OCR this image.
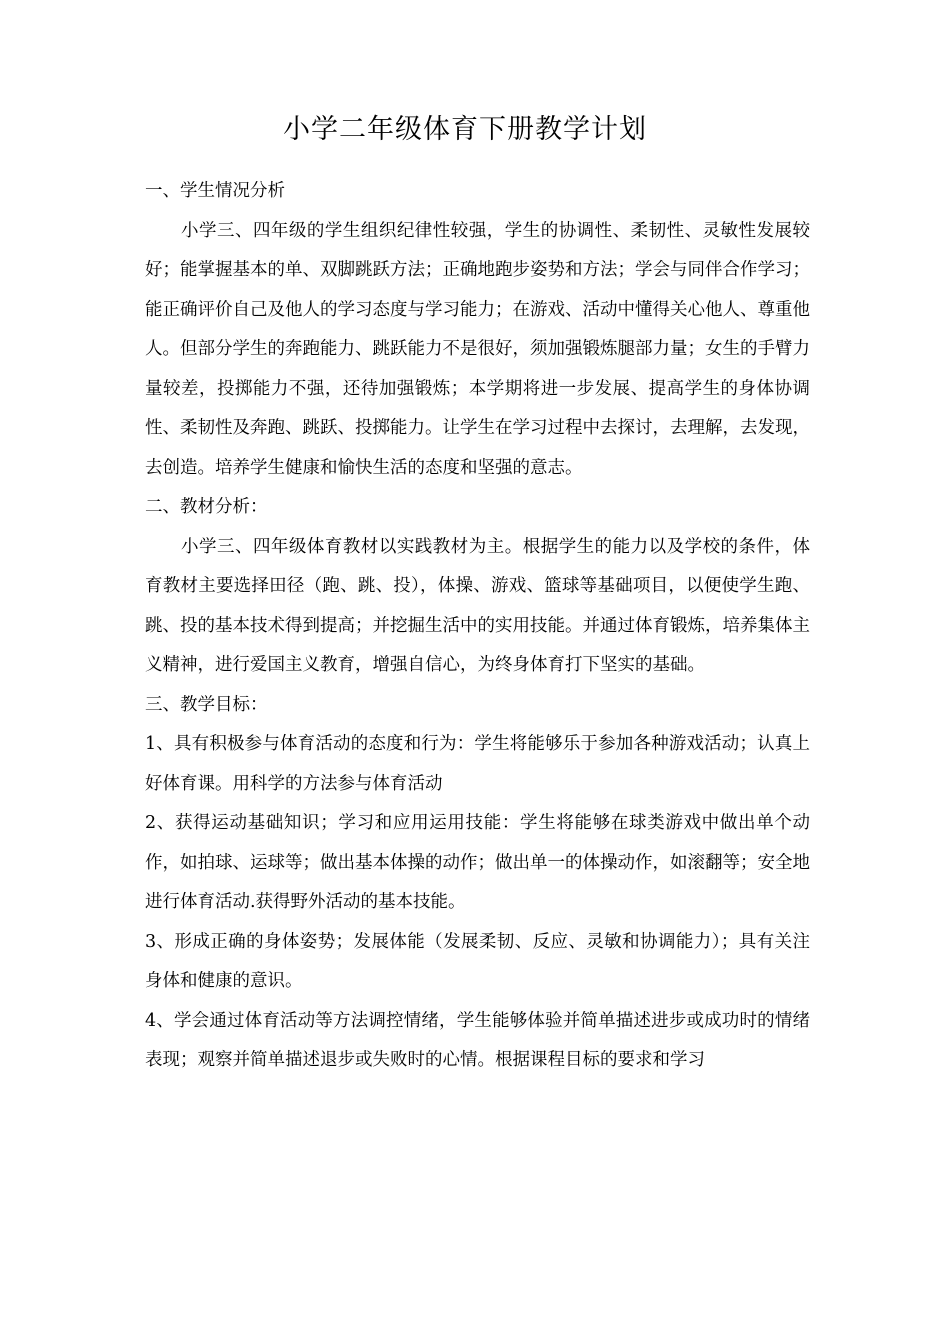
小学二年级体育下册教学计划

一、学生情况分析

小学三、四年级的学生组织纪律性较强，学生的协调性、柔韧性、灵敏性发展较好；能掌握基本的单、双脚跳跃方法；正确地跑步姿势和方法；学会与同伴合作学习；能正确评价自己及他人的学习态度与学习能力；在游戏、活动中懂得关心他人、尊重他人。但部分学生的奔跑能力、跳跃能力不是很好，须加强锻炼腿部力量；女生的手臂力量较差，投掷能力不强，还待加强锻炼；本学期将进一步发展、提高学生的身体协调性、柔韧性及奔跑、跳跃、投掷能力。让学生在学习过程中去探讨，去理解，去发现，去创造。培养学生健康和愉快生活的态度和坚强的意志。

二、教材分析：

小学三、四年级体育教材以实践教材为主。根据学生的能力以及学校的条件，体育教材主要选择田径（跑、跳、投），体操、游戏、篮球等基础项目，以便使学生跑、跳、投的基本技术得到提高；并挖掘生活中的实用技能。并通过体育锻炼，培养集体主义精神，进行爱国主义教育，增强自信心，为终身体育打下坚实的基础。

三、教学目标：

1、具有积极参与体育活动的态度和行为：学生将能够乐于参加各种游戏活动；认真上好体育课。用科学的方法参与体育活动

2、获得运动基础知识；学习和应用运用技能：学生将能够在球类游戏中做出单个动作，如拍球、运球等；做出基本体操的动作；做出单一的体操动作，如滚翻等；安全地进行体育活动.获得野外活动的基本技能。

3、形成正确的身体姿势；发展体能（发展柔韧、反应、灵敏和协调能力）；具有关注身体和健康的意识。

4、学会通过体育活动等方法调控情绪，学生能够体验并简单描述进步或成功时的情绪表现；观察并简单描述退步或失败时的心情。根据课程目标的要求和学习
